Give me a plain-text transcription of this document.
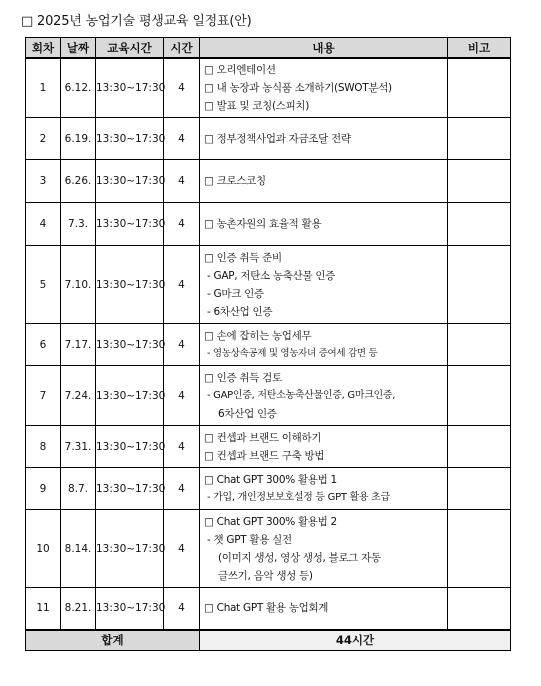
□ 2025년 농업기술 평생교육 일정표(안)
회차	날짜	교육시간	시간	내용	비고
1	6.12.	13:30~17:30	4	□ 오리엔테이션
□ 내 농장과 농식품 소개하기(SWOT분석)
□ 발표 및 코칭(스피치)	

2	6.19.	13:30~17:30	4	□ 정부정책사업과 자금조달 전략	

3	6.26.	13:30~17:30	4	□ 크로스코칭	

4	7.3.	13:30~17:30	4	□ 농촌자원의 효율적 활용	

5	7.10.	13:30~17:30	4	□ 인증 취득 준비
- GAP, 저탄소 농축산물 인증
- G마크 인증
- 6차산업 인증	

6	7.17.	13:30~17:30	4	□ 손에 잡히는 농업세무
- 영농상속공제 및 영농자녀 증여세 감면 등	

7	7.24.	13:30~17:30	4	□ 인증 취득 검토
- GAP인증, 저탄소농축산물인증, G마크인증,
6차산업 인증	

8	7.31.	13:30~17:30	4	□ 컨셉과 브랜드 이해하기
□ 컨셉과 브랜드 구축 방법	

9	8.7.	13:30~17:30	4	□ Chat GPT 300% 활용법 1
- 가입, 개인정보보호설정 등 GPT 활용 초급	

10	8.14.	13:30~17:30	4	□ Chat GPT 300% 활용법 2
- 챗 GPT 활용 실전
(이미지 생성, 영상 생성, 블로그 자동
글쓰기, 음악 생성 등)	

11	8.21.	13:30~17:30	4	□ Chat GPT 활용 농업회계	

합계				44시간	
